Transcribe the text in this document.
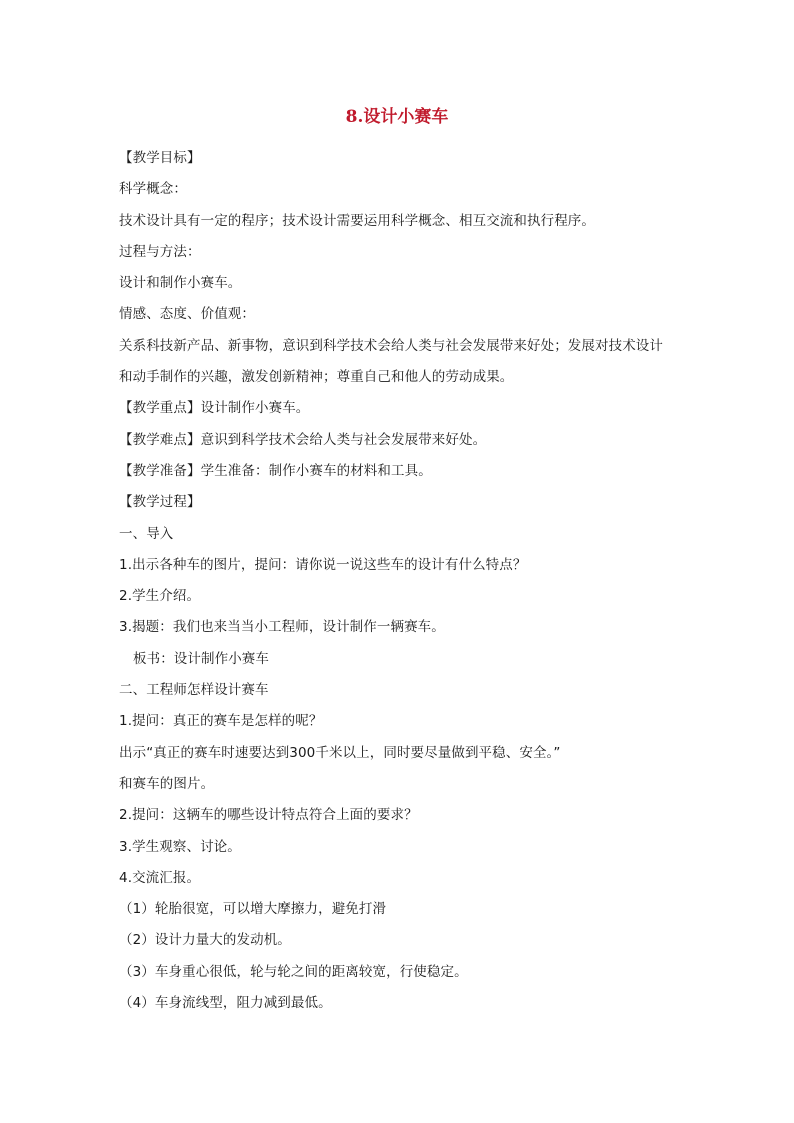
8.设计小赛车
【教学目标】
科学概念：
技术设计具有一定的程序；技术设计需要运用科学概念、相互交流和执行程序。
过程与方法：
设计和制作小赛车。
情感、态度、价值观：
关系科技新产品、新事物，意识到科学技术会给人类与社会发展带来好处；发展对技术设计
和动手制作的兴趣，激发创新精神；尊重自己和他人的劳动成果。
【教学重点】设计制作小赛车。
【教学难点】意识到科学技术会给人类与社会发展带来好处。
【教学准备】学生准备：制作小赛车的材料和工具。
【教学过程】
一、导入
1.出示各种车的图片，提问：请你说一说这些车的设计有什么特点？
2.学生介绍。
3.揭题：我们也来当当小工程师，设计制作一辆赛车。
板书：设计制作小赛车
二、工程师怎样设计赛车
1.提问：真正的赛车是怎样的呢？
出示“真正的赛车时速要达到300千米以上，同时要尽量做到平稳、安全。”
和赛车的图片。
2.提问：这辆车的哪些设计特点符合上面的要求？
3.学生观察、讨论。
4.交流汇报。
（1）轮胎很宽，可以增大摩擦力，避免打滑
（2）设计力量大的发动机。
（3）车身重心很低，轮与轮之间的距离较宽，行使稳定。
（4）车身流线型，阻力减到最低。
